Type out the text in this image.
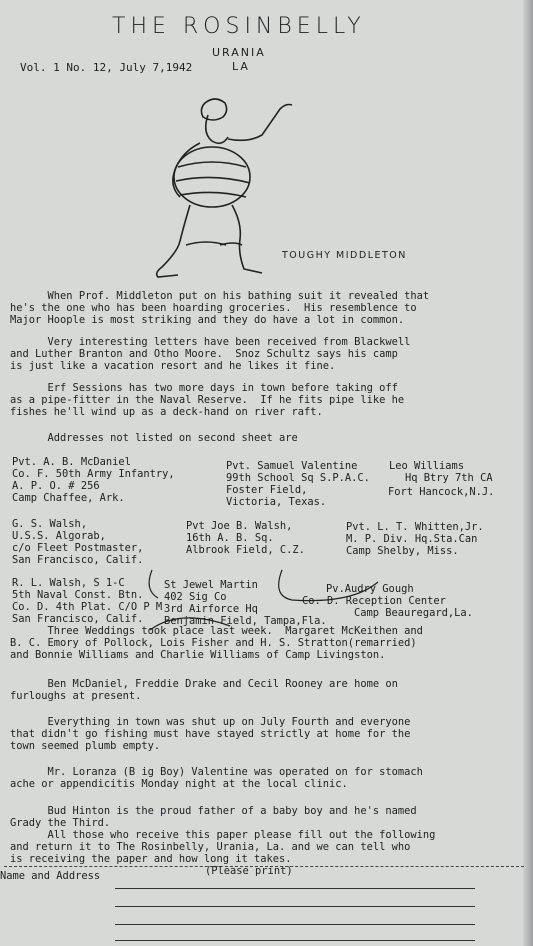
THE ROSINBELLY
URANIA
LA
Vol. 1 No. 12, July 7,1942
TOUGHY MIDDLETON
When Prof. Middleton put on his bathing suit it revealed that
he's the one who has been hoarding groceries.  His resemblence to
Major Hoople is most striking and they do have a lot in common.
Very interesting letters have been received from Blackwell
and Luther Branton and Otho Moore.  Snoz Schultz says his camp
is just like a vacation resort and he likes it fine.
Erf Sessions has two more days in town before taking off
as a pipe-fitter in the Naval Reserve.  If he fits pipe like he
fishes he'll wind up as a deck-hand on river raft.
Addresses not listed on second sheet are
Pvt. A. B. McDaniel
Co. F. 50th Army Infantry,
A. P. O. # 256
Camp Chaffee, Ark.
Pvt. Samuel Valentine
99th School Sq S.P.A.C.
Foster Field,
Victoria, Texas.
Leo Williams
Hq Btry 7th CA
Fort Hancock,N.J.
G. S. Walsh,
U.S.S. Algorab,
c/o Fleet Postmaster,
San Francisco, Calif.
Pvt Joe B. Walsh,
16th A. B. Sq.
Albrook Field, C.Z.
Pvt. L. T. Whitten,Jr.
M. P. Div. Hq.Sta.Can
Camp Shelby, Miss.
R. L. Walsh, S 1-C
5th Naval Const. Btn.
Co. D. 4th Plat. C/O P M
San Francisco, Calif.
St Jewel Martin
402 Sig Co
3rd Airforce Hq
Benjamin Field, Tampa,Fla.
Pv.Audry Gough
Co. D. Reception Center
Camp Beauregard,La.
Three Weddings took place last week.  Margaret McKeithen and
B. C. Emory of Pollock, Lois Fisher and H. S. Stratton(remarried)
and Bonnie Williams and Charlie Williams of Camp Livingston.
Ben McDaniel, Freddie Drake and Cecil Rooney are home on
furloughs at present.
Everything in town was shut up on July Fourth and everyone
that didn't go fishing must have stayed strictly at home for the
town seemed plumb empty.
Mr. Loranza (B ig Boy) Valentine was operated on for stomach
ache or appendicitis Monday night at the local clinic.
Bud Hinton is the proud father of a baby boy and he's named
Grady the Third.
All those who receive this paper please fill out the following
and return it to The Rosinbelly, Urania, La. and we can tell who
is receiving the paper and how long it takes.
Name and Address	(Please print)
